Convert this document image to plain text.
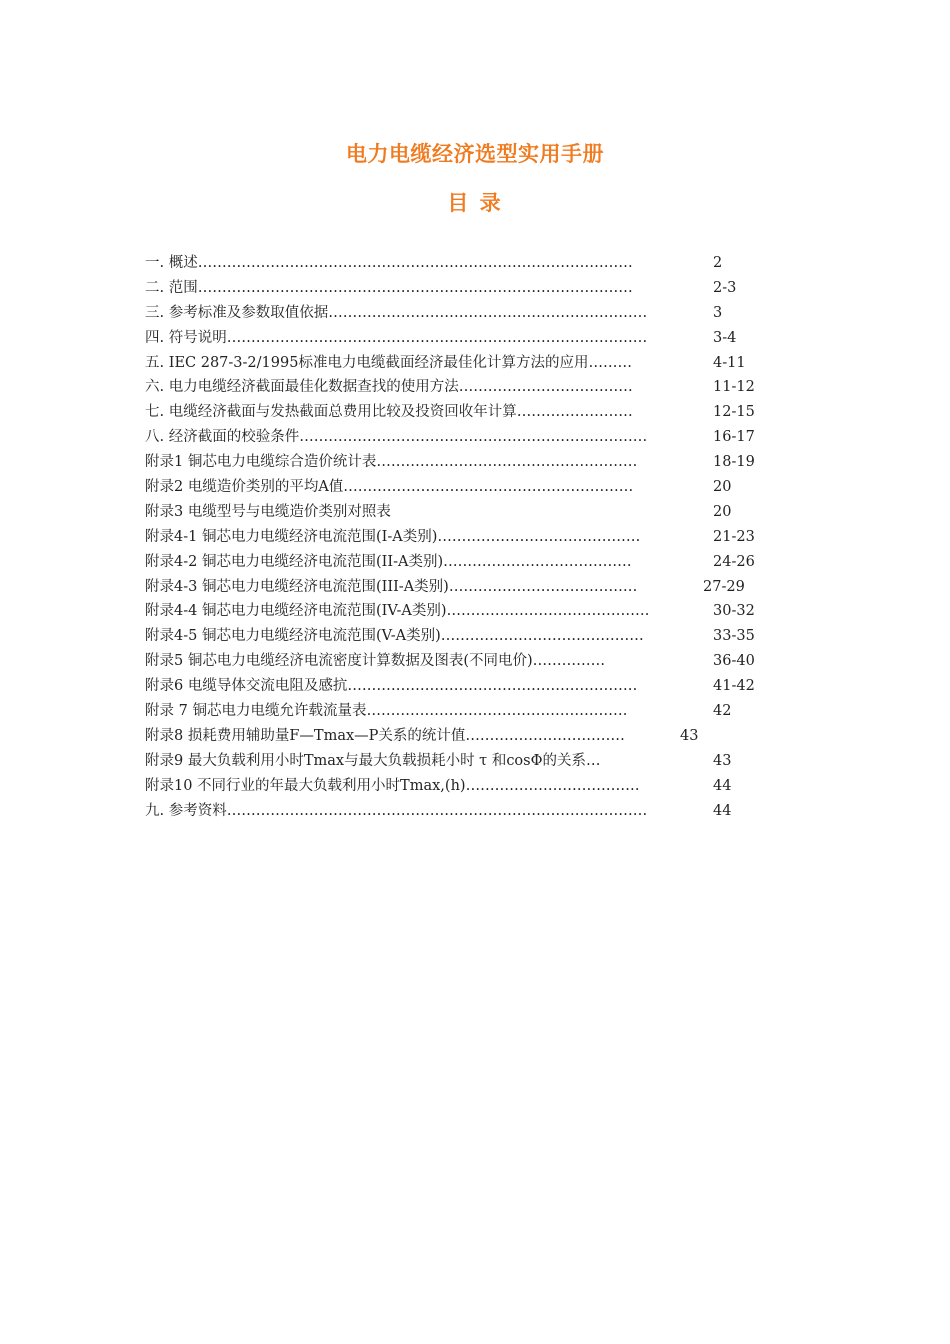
电力电缆经济选型实用手册
目 录
一. 概述………………………………………………………………………………	2
二. 范围………………………………………………………………………………	2-3
三. 参考标准及参数取值依据…………………………………………………………	3
四. 符号说明……………………………………………………………………………	3-4
五. IEC 287-3-2/1995标准电力电缆截面经济最佳化计算方法的应用………	4-11
六. 电力电缆经济截面最佳化数据查找的使用方法………………………………	11-12
七. 电缆经济截面与发热截面总费用比较及投资回收年计算……………………	12-15
八. 经济截面的校验条件………………………………………………………………	16-17
附录1 铜芯电力电缆综合造价统计表………………………………………………	18-19
附录2 电缆造价类别的平均A值……………………………………………………	20
附录3 电缆型号与电缆造价类别对照表	20
附录4-1 铜芯电力电缆经济电流范围(I-A类别)……………………………………	21-23
附录4-2 铜芯电力电缆经济电流范围(II-A类别)…………………………………	24-26
附录4-3 铜芯电力电缆经济电流范围(III-A类别)…………………………………	27-29
附录4-4 铜芯电力电缆经济电流范围(IV-A类别)……………………………………	30-32
附录4-5 铜芯电力电缆经济电流范围(V-A类别)……………………………………	33-35
附录5 铜芯电力电缆经济电流密度计算数据及图表(不同电价)……………	36-40
附录6 电缆导体交流电阻及感抗……………………………………………………	41-42
附录 7 铜芯电力电缆允许载流量表………………………………………………	42
附录8 损耗费用辅助量F—Tmax—P关系的统计值……………………………	43
附录9 最大负载利用小时Tmax与最大负载损耗小时 τ 和cosΦ的关系…	43
附录10 不同行业的年最大负载利用小时Tmax,(h)………………………………	44
九. 参考资料……………………………………………………………………………	44
